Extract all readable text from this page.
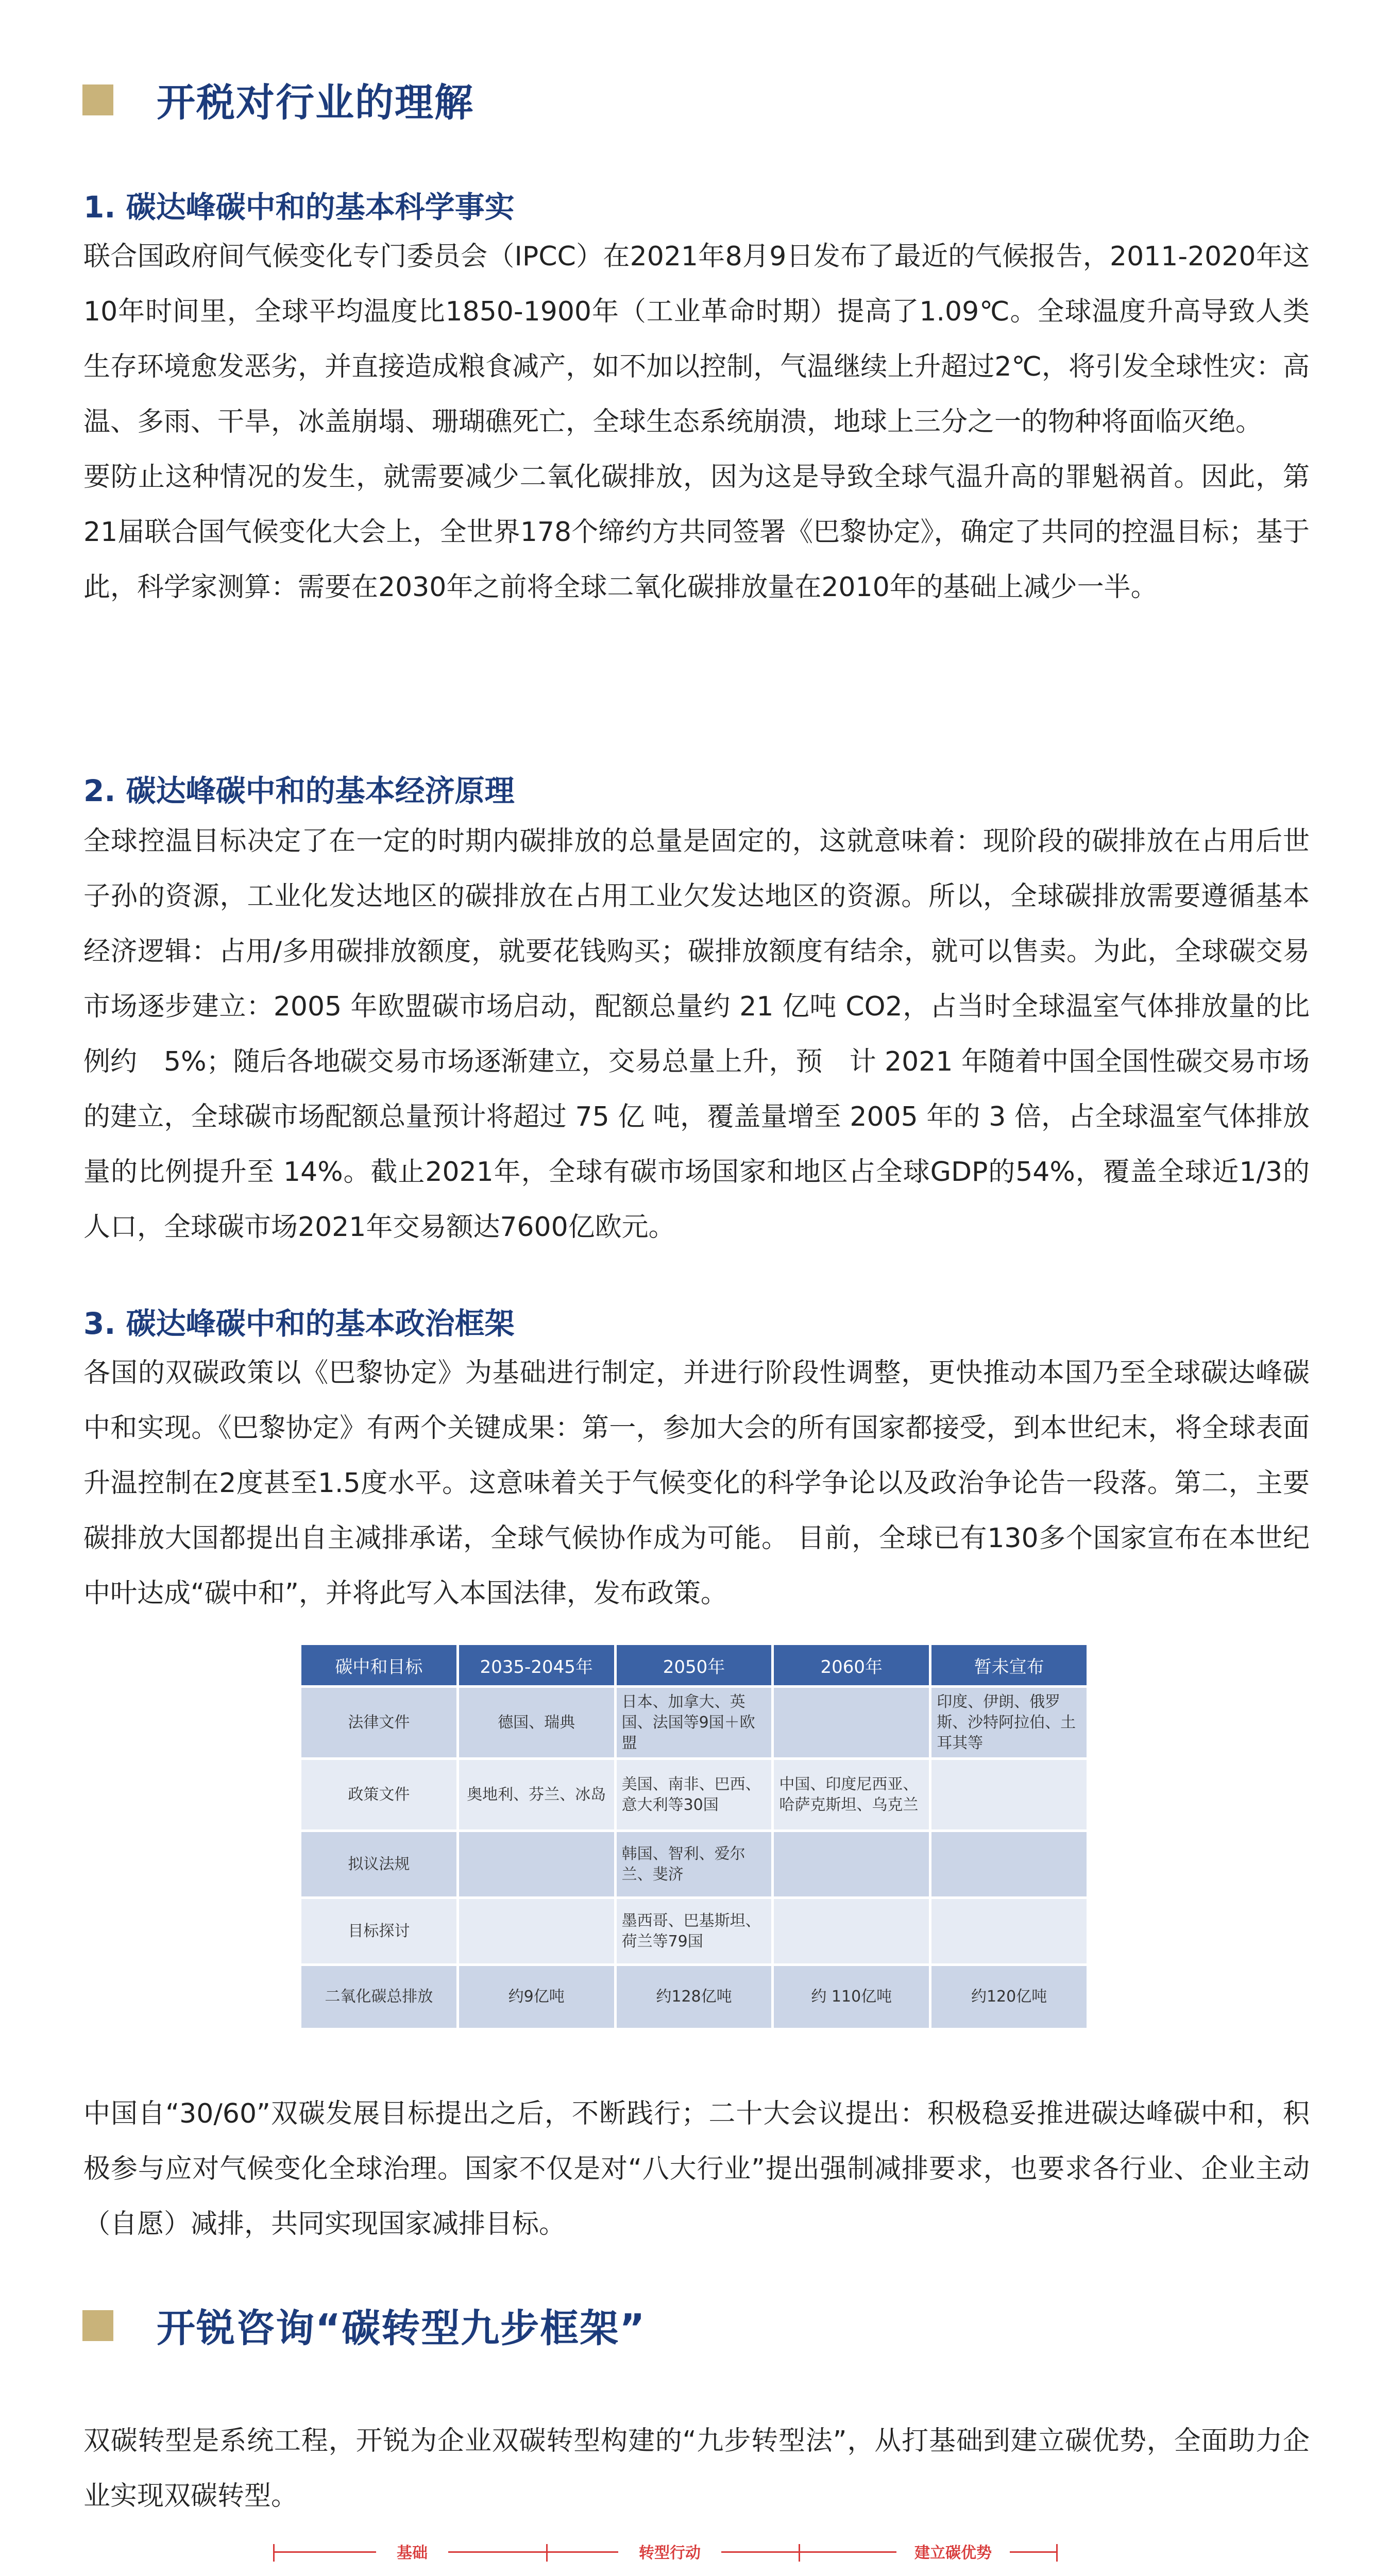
开税对行业的理解
1. 碳达峰碳中和的基本科学事实

联合国政府间气候变化专门委员会（IPCC）在2021年8月9日发布了最近的气候报告，2011-2020年这10年时间里，全球平均温度比1850-1900年（工业革命时期）提高了1.09℃。全球温度升高导致人类生存环境愈发恶劣，并直接造成粮食减产，如不加以控制，气温继续上升超过2℃，将引发全球性灾：高温、多雨、干旱，冰盖崩塌、珊瑚礁死亡，全球生态系统崩溃，地球上三分之一的物种将面临灭绝。

要防止这种情况的发生，就需要减少二氧化碳排放，因为这是导致全球气温升高的罪魁祸首。因此，第21届联合国气候变化大会上，全世界178个缔约方共同签署《巴黎协定》，确定了共同的控温目标；基于此，科学家测算：需要在2030年之前将全球二氧化碳排放量在2010年的基础上减少一半。

2. 碳达峰碳中和的基本经济原理

全球控温目标决定了在一定的时期内碳排放的总量是固定的，这就意味着：现阶段的碳排放在占用后世子孙的资源，工业化发达地区的碳排放在占用工业欠发达地区的资源。所以，全球碳排放需要遵循基本经济逻辑：占用/多用碳排放额度，就要花钱购买；碳排放额度有结余，就可以售卖。为此，全球碳交易市场逐步建立：2005 年欧盟碳市场启动，配额总量约 21 亿吨 CO2，占当时全球温室气体排放量的比例约　5%；随后各地碳交易市场逐渐建立，交易总量上升，预　计 2021 年随着中国全国性碳交易市场的建立，全球碳市场配额总量预计将超过 75 亿 吨，覆盖量增至 2005 年的 3 倍，占全球温室气体排放量的比例提升至 14%。截止2021年，全球有碳市场国家和地区占全球GDP的54%，覆盖全球近1/3的人口，全球碳市场2021年交易额达7600亿欧元。

3. 碳达峰碳中和的基本政治框架

各国的双碳政策以《巴黎协定》为基础进行制定，并进行阶段性调整，更快推动本国乃至全球碳达峰碳中和实现。《巴黎协定》有两个关键成果：第一，参加大会的所有国家都接受，到本世纪末，将全球表面升温控制在2度甚至1.5度水平。这意味着关于气候变化的科学争论以及政治争论告一段落。第二，主要碳排放大国都提出自主减排承诺，全球气候协作成为可能。 目前，全球已有130多个国家宣布在本世纪中叶达成“碳中和”，并将此写入本国法律，发布政策。

碳中和目标	2035-2045年	2050年	2060年	暂未宣布
法律文件	德国、瑞典	日本、加拿大、英国、法国等9国＋欧盟		印度、伊朗、俄罗斯、沙特阿拉伯、土耳其等
政策文件	奥地利、芬兰、冰岛	美国、南非、巴西、意大利等30国	中国、印度尼西亚、哈萨克斯坦、乌克兰	
拟议法规		韩国、智利、爱尔兰、斐济		
目标探讨		墨西哥、巴基斯坦、荷兰等79国		
二氧化碳总排放	约9亿吨	约128亿吨	约 110亿吨	约120亿吨

中国自“30/60”双碳发展目标提出之后，不断践行；二十大会议提出：积极稳妥推进碳达峰碳中和，积极参与应对气候变化全球治理。国家不仅是对“八大行业”提出强制减排要求，也要求各行业、企业主动（自愿）减排，共同实现国家减排目标。

开锐咨询“碳转型九步框架”

双碳转型是系统工程，开锐为企业双碳转型构建的“九步转型法”，从打基础到建立碳优势，全面助力企业实现双碳转型。

基础	转型行动	建立碳优势
